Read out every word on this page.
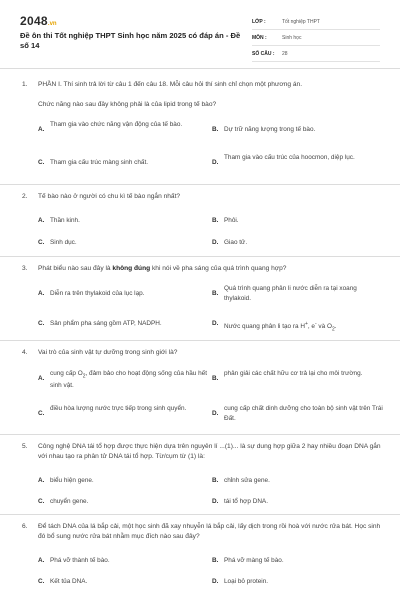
2048.vn
Đề ôn thi Tốt nghiệp THPT Sinh học năm 2025 có đáp án - Đề số 14
LỚP :	Tốt nghiệp THPT
MÔN :	Sinh học
SỐ CÂU :	28
1.	PHẦN I. Thí sinh trả lời từ câu 1 đến câu 18. Mỗi câu hỏi thí sinh chỉ chọn một phương án.
Chức năng nào sau đây không phải là của lipid trong tế bào?
A.
Tham gia vào chức năng vận động của tế bào.
B. Dự trữ năng lượng trong tế bào.
C. Tham gia cấu trúc màng sinh chất.	D.
Tham gia vào cấu trúc của hoocmon, diệp lục.
2.	Tế bào nào ở người có chu kì tế bào ngắn nhất?
A. Thần kinh.	B. Phôi.
C. Sinh dục.	D. Giao tử.
3.	Phát biểu nào sau đây là không đúng khi nói về pha sáng của quá trình quang hợp?
A. Diễn ra trên thylakoid của lục lạp.	B.
Quá trình quang phân li nước diễn ra tại xoang thylakoid.
C. Sản phẩm pha sáng gồm ATP, NADPH.	D. Nước quang phân li tạo ra H+, e- và $O_2$.
4.	Vai trò của sinh vật tự dưỡng trong sinh giới là?
A.
cung cấp $O_2$, đảm bảo cho hoạt động sống của hầu hết sinh vật.
B.
phân giải các chất hữu cơ trả lại cho môi trường.
C.
điều hòa lượng nước trực tiếp trong sinh quyển.
D.
cung cấp chất dinh dưỡng cho toàn bộ sinh vật trên Trái Đất.
5.	Công nghệ DNA tái tổ hợp được thực hiện dựa trên nguyên lí ...(1)... là sự dung hợp giữa 2 hay nhiều đoạn DNA gắn với nhau tạo ra phân tử DNA tái tổ hợp. Từ/cụm từ (1) là:
A. biểu hiện gene.	B. chỉnh sửa gene.
C. chuyển gene.	D. tái tổ hợp DNA.
6.	Để tách DNA của lá bắp cải, một học sinh đã xay nhuyễn lá bắp cải, lấy dịch trong rồi hoà với nước rửa bát. Học sinh đó bổ sung nước rửa bát nhằm mục đích nào sau đây?
A. Phá vỡ thành tế bào.	B. Phá vỡ màng tế bào.
C. Kết tủa DNA.	D. Loại bỏ protein.
